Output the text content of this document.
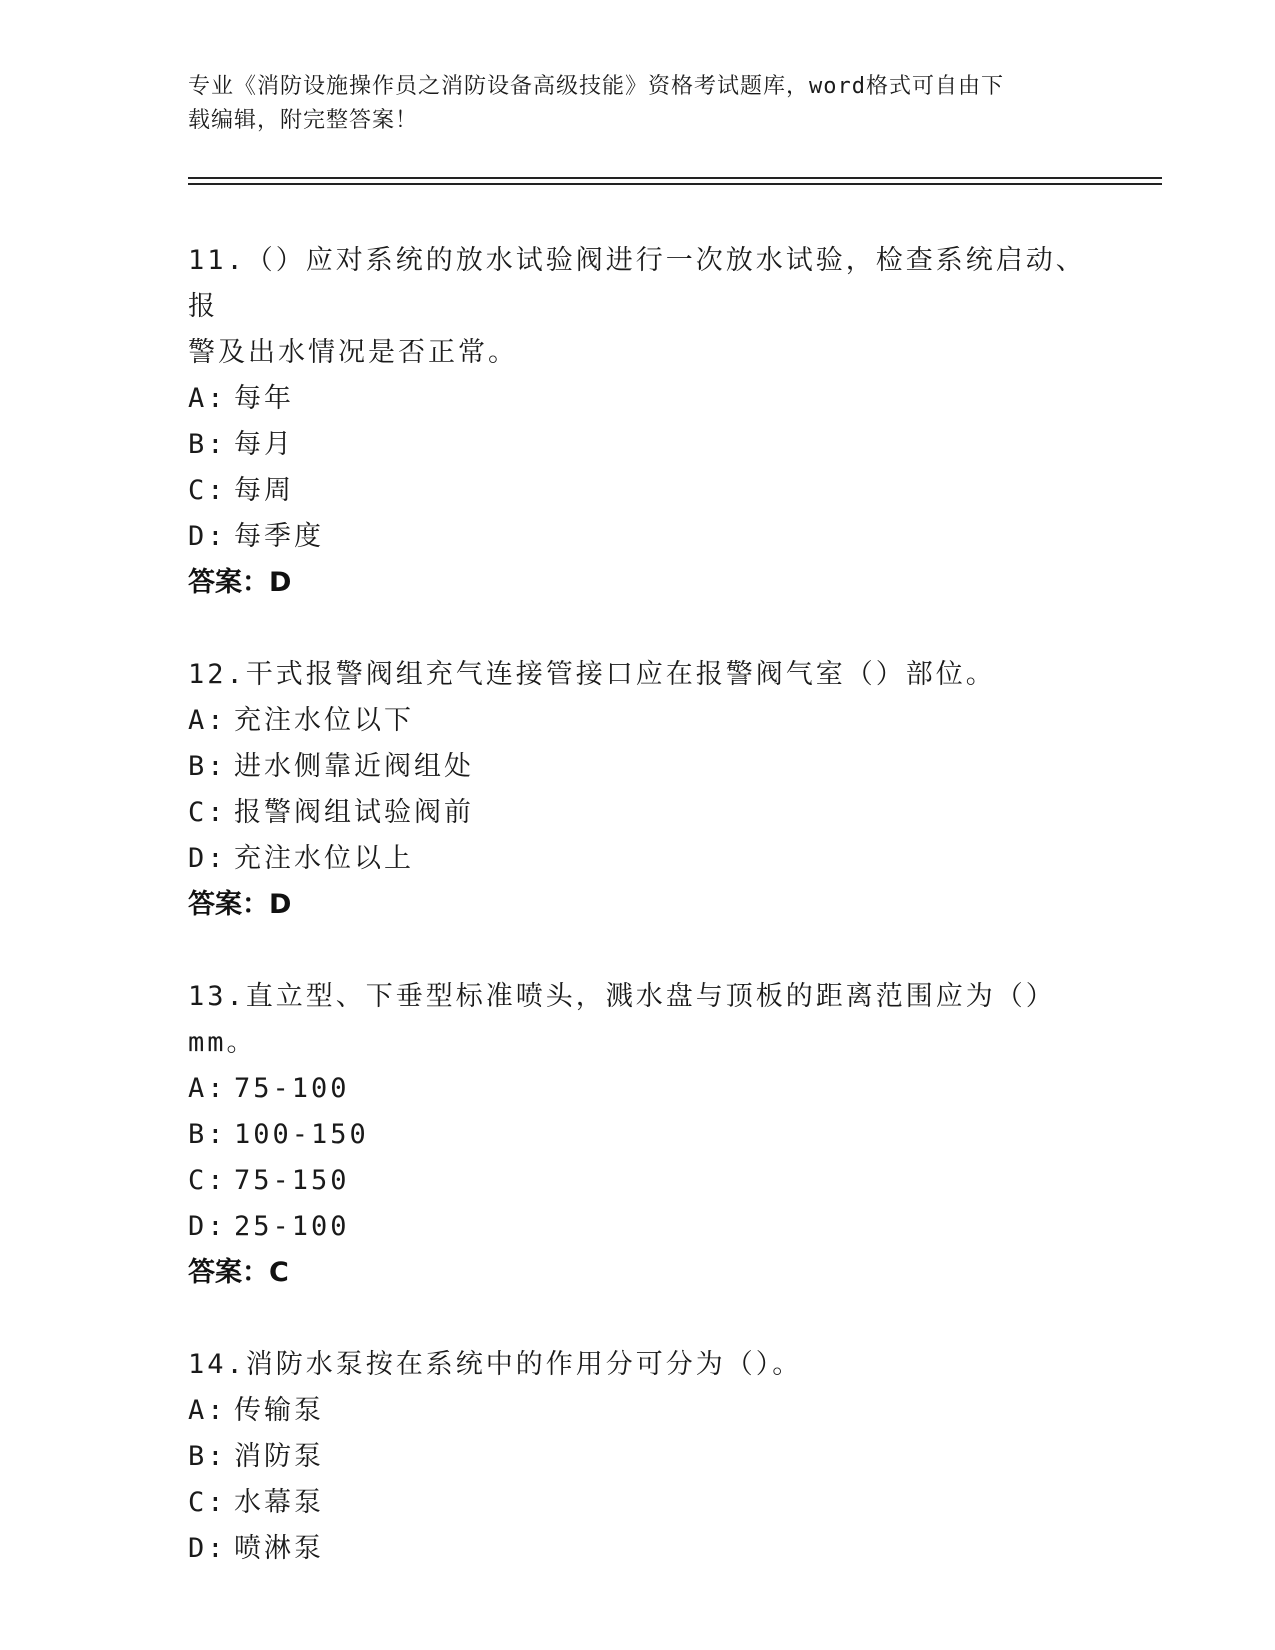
专业《消防设施操作员之消防设备高级技能》资格考试题库，word格式可自由下
载编辑，附完整答案！

11.（）应对系统的放水试验阀进行一次放水试验，检查系统启动、报
警及出水情况是否正常。

A: 每年

B: 每月

C: 每周

D: 每季度

答案：D

12.干式报警阀组充气连接管接口应在报警阀气室（）部位。

A: 充注水位以下

B: 进水侧靠近阀组处

C: 报警阀组试验阀前

D: 充注水位以上

答案：D

13.直立型、下垂型标准喷头，溅水盘与顶板的距离范围应为（）mm。

A: 75-100

B: 100-150

C: 75-150

D: 25-100

答案：C

14.消防水泵按在系统中的作用分可分为（）。

A: 传输泵

B: 消防泵

C: 水幕泵

D: 喷淋泵
